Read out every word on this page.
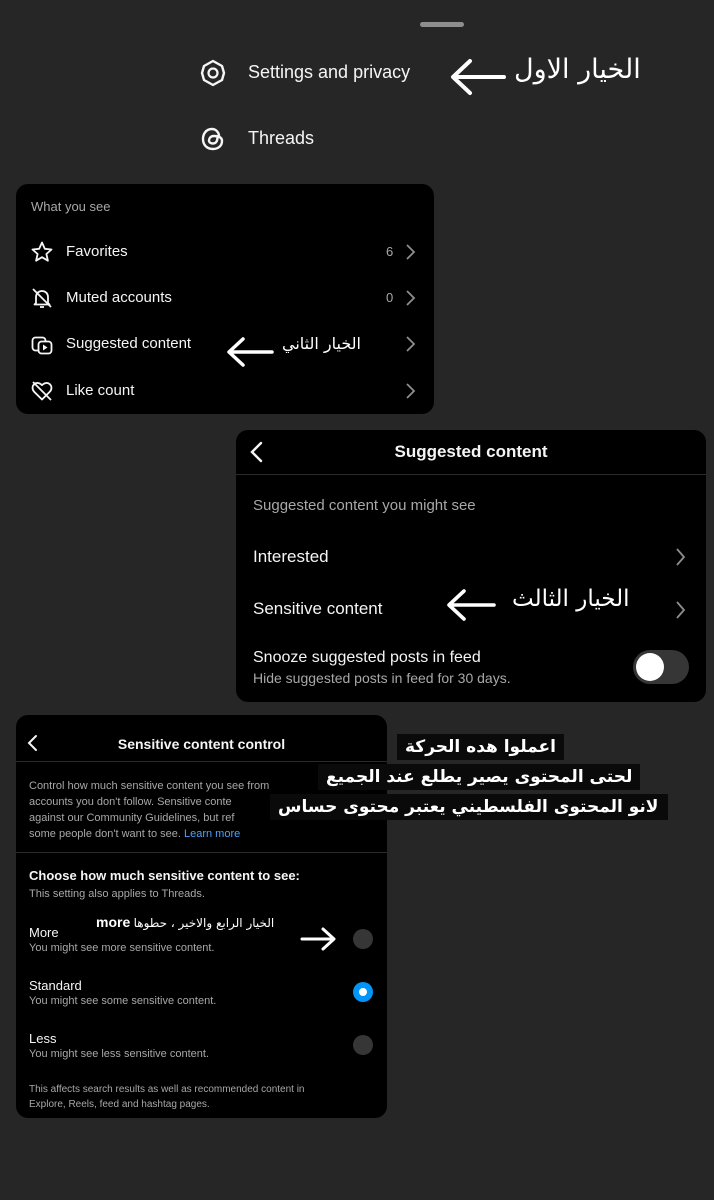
Settings and privacy	الخيار الاول
Threads
What you see
Favorites	6
Muted accounts	0
Suggested content	الخيار الثاني
Like count
Suggested content
Suggested content you might see
Interested
Sensitive content	الخيار الثالث
Snooze suggested posts in feed
Hide suggested posts in feed for 30 days.
Sensitive content control
Control how much sensitive content you see from
accounts you don't follow. Sensitive conte
against our Community Guidelines, but ref
some people don't want to see. Learn more
Choose how much sensitive content to see:
This setting also applies to Threads.
More
You might see more sensitive content.
more الخيار الرابع والاخير ، حطوها
Standard
You might see some sensitive content.
Less
You might see less sensitive content.
This affects search results as well as recommended content in
Explore, Reels, feed and hashtag pages.
اعملوا هده الحركة
لحتى المحتوى يصير يطلع عند الجميع
لانو المحتوى الفلسطيني يعتبر محتوى حساس
